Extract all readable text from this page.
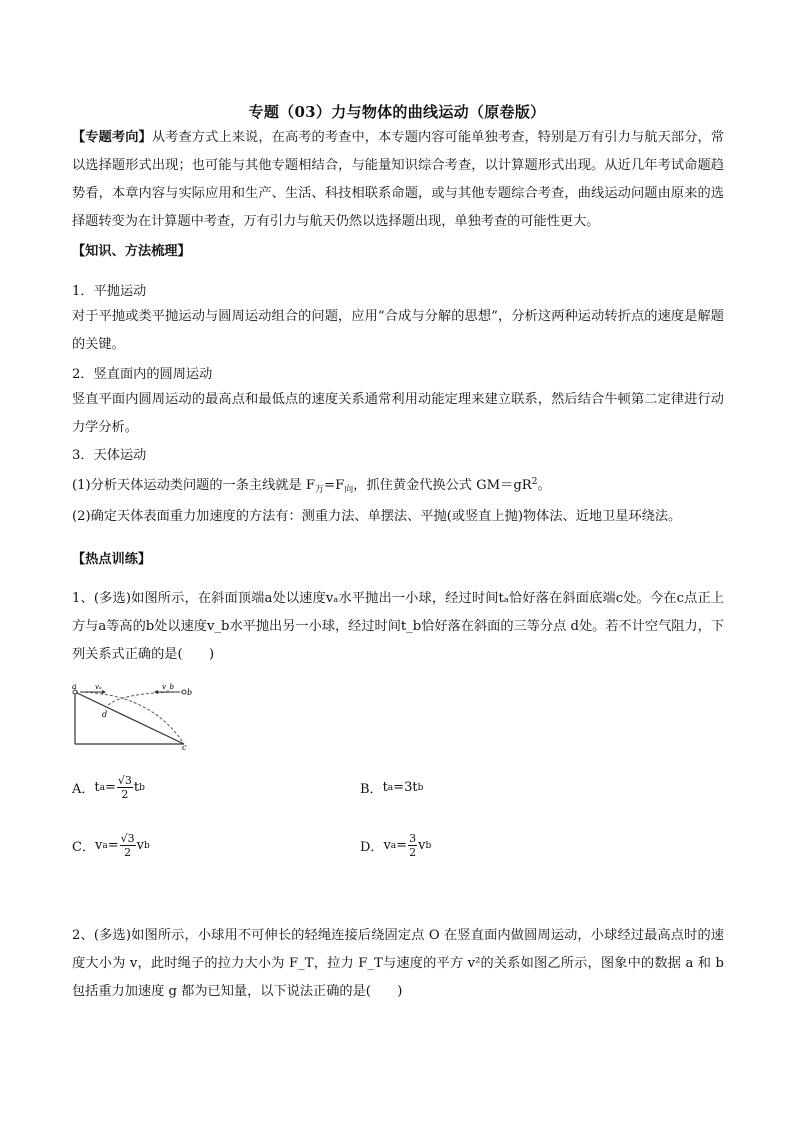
专题（03）力与物体的曲线运动（原卷版）
【专题考向】从考查方式上来说，在高考的考查中，本专题内容可能单独考查，特别是万有引力与航天部分，常以选择题形式出现；也可能与其他专题相结合，与能量知识综合考查，以计算题形式出现。从近几年考试命题趋势看，本章内容与实际应用和生产、生活、科技相联系命题，或与其他专题综合考查，曲线运动问题由原来的选择题转变为在计算题中考查，万有引力与航天仍然以选择题出现，单独考查的可能性更大。
【知识、方法梳理】
1．平抛运动
对于平抛或类平抛运动与圆周运动组合的问题，应用“合成与分解的思想”，分析这两种运动转折点的速度是解题的关键。
2．竖直面内的圆周运动
竖直平面内圆周运动的最高点和最低点的速度关系通常利用动能定理来建立联系，然后结合牛顿第二定律进行动力学分析。
3．天体运动
(1)分析天体运动类问题的一条主线就是 $F_万=F_向$，抓住黄金代换公式 $GM=gR^2$。
(2)确定天体表面重力加速度的方法有：测重力法、单摆法、平抛(或竖直上抛)物体法、近地卫星环绕法。
【热点训练】
1、(多选)如图所示，在斜面顶端a处以速度vₐ水平抛出一小球，经过时间tₐ恰好落在斜面底端c处。今在c点正上方与a等高的b处以速度v_b水平抛出另一小球，经过时间t_b恰好落在斜面的三等分点 d处。若不计空气阻力，下列关系式正确的是(　　)
a
b
c
d
vₐ	v_b
A． t $a = \frac{√3}{2}$ t b	B． t a =3t b
C． v $a = \frac{√3}{2}$ v b	D． v $a = \frac{3}{2}$ v b
2、(多选)如图所示，小球用不可伸长的轻绳连接后绕固定点 O 在竖直面内做圆周运动，小球经过最高点时的速度大小为 v，此时绳子的拉力大小为 F_T，拉力 F_T与速度的平方 v²的关系如图乙所示，图象中的数据 a 和 b 包括重力加速度 g 都为已知量，以下说法正确的是(　　)
